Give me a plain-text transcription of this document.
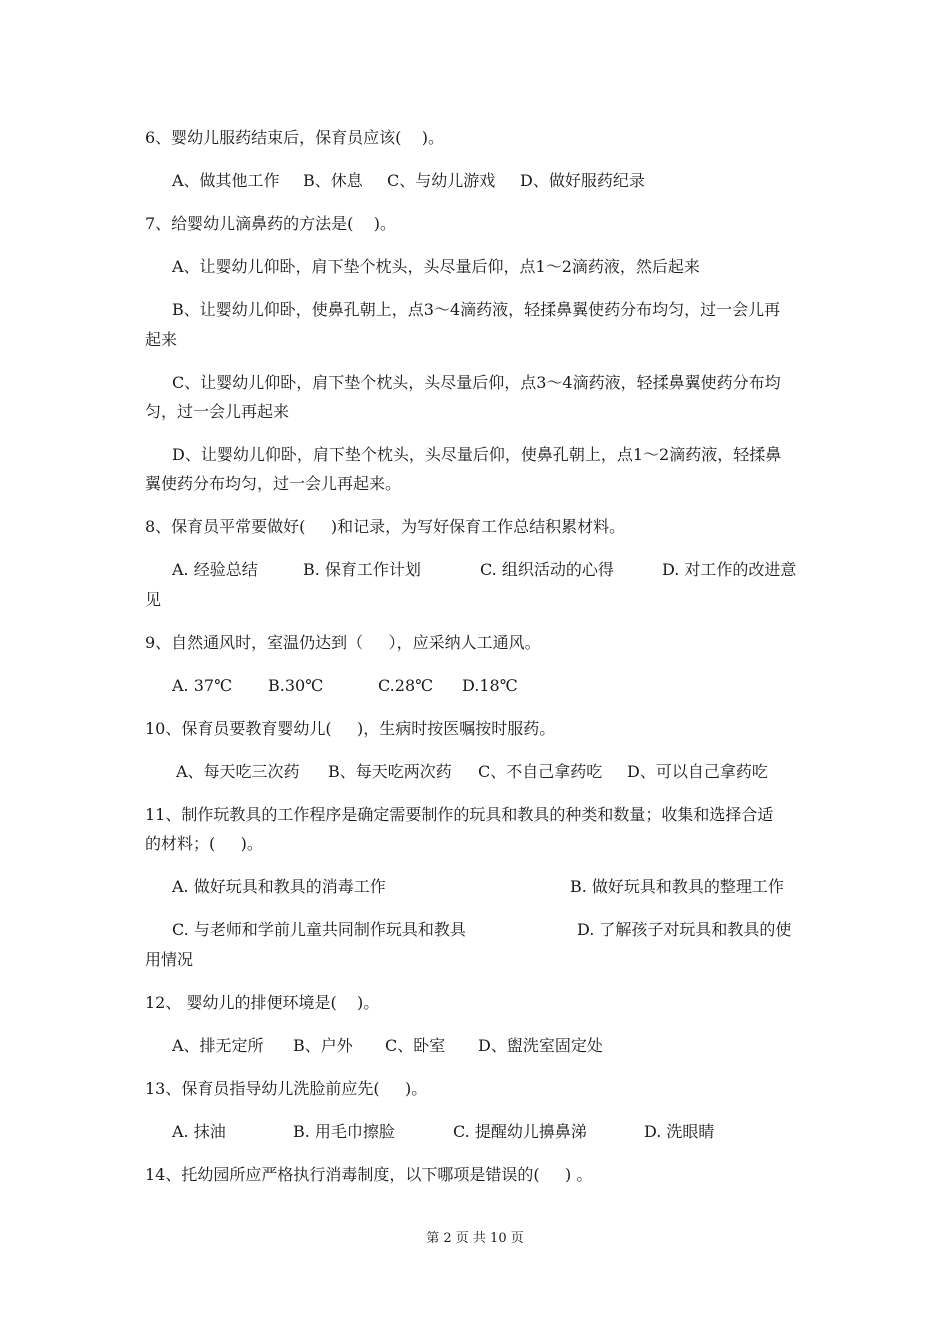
6、婴幼儿服药结束后，保育员应该(    )。
A、做其他工作 B、休息 C、与幼儿游戏 D、做好服药纪录
7、给婴幼儿滴鼻药的方法是(    )。
A、让婴幼儿仰卧，肩下垫个枕头，头尽量后仰，点1～2滴药液，然后起来
B、让婴幼儿仰卧，使鼻孔朝上，点3～4滴药液，轻揉鼻翼使药分布均匀，过一会儿再
起来
C、让婴幼儿仰卧，肩下垫个枕头，头尽量后仰，点3～4滴药液，轻揉鼻翼使药分布均
匀，过一会儿再起来
D、让婴幼儿仰卧，肩下垫个枕头，头尽量后仰，使鼻孔朝上，点1～2滴药液，轻揉鼻
翼使药分布均匀，过一会儿再起来。
8、保育员平常要做好(     )和记录，为写好保育工作总结积累材料。
A. 经验总结	B. 保育工作计划	C. 组织活动的心得	D. 对工作的改进意
见
9、自然通风时，室温仍达到（     ），应采纳人工通风。
A. 37℃ B.30℃	C.28℃ D.18℃
10、保育员要教育婴幼儿(     )，生病时按医嘱按时服药。
A、每天吃三次药 B、每天吃两次药 C、不自己拿药吃 D、可以自己拿药吃
11、制作玩教具的工作程序是确定需要制作的玩具和教具的种类和数量；收集和选择合适
的材料；(     )。
A. 做好玩具和教具的消毒工作	B. 做好玩具和教具的整理工作
C. 与老师和学前儿童共同制作玩具和教具	D. 了解孩子对玩具和教具的使
用情况
12、 婴幼儿的排便环境是(    )。
A、排无定所 B、户外 C、卧室 D、盥洗室固定处
13、保育员指导幼儿洗脸前应先(     )。
A. 抹油	B. 用毛巾擦脸	C. 提醒幼儿擤鼻涕	D. 洗眼睛
14、托幼园所应严格执行消毒制度，以下哪项是错误的(     ) 。
第 2 页 共 10 页
